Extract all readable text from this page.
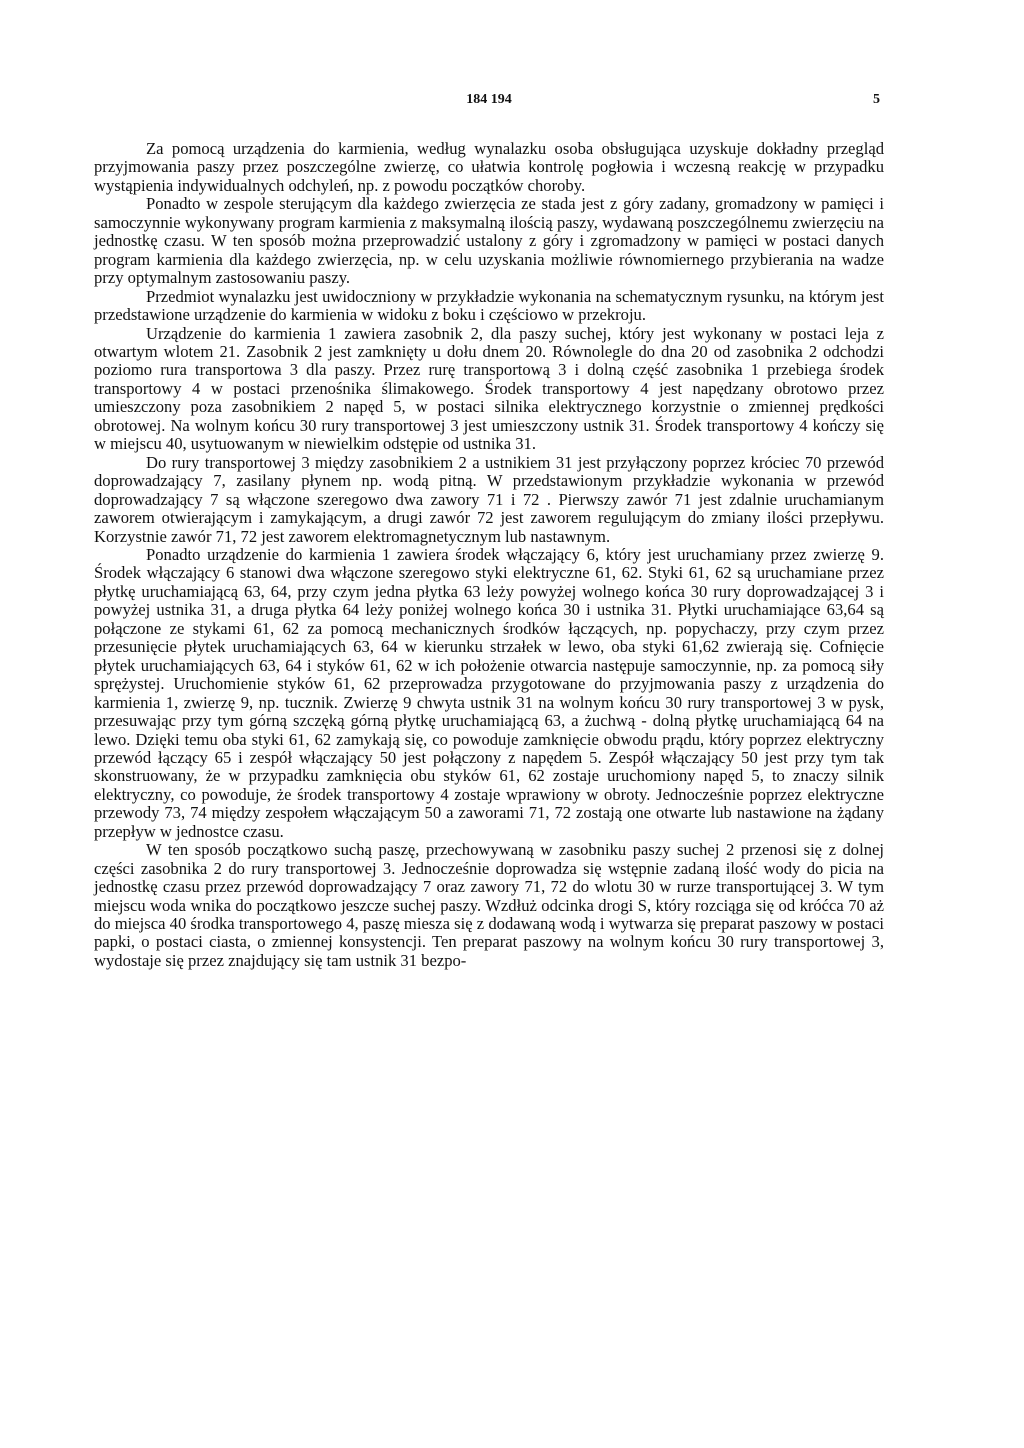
184 194	5

Za pomocą urządzenia do karmienia, według wynalazku osoba obsługująca uzyskuje dokładny przegląd przyjmowania paszy przez poszczególne zwierzę, co ułatwia kontrolę pogłowia i wczesną reakcję w przypadku wystąpienia indywidualnych odchyleń, np. z powodu początków choroby.

Ponadto w zespole sterującym dla każdego zwierzęcia ze stada jest z góry zadany, gromadzony w pamięci i samoczynnie wykonywany program karmienia z maksymalną ilością paszy, wydawaną poszczególnemu zwierzęciu na jednostkę czasu. W ten sposób można przeprowadzić ustalony z góry i zgromadzony w pamięci w postaci danych program karmienia dla każdego zwierzęcia, np. w celu uzyskania możliwie równomiernego przybierania na wadze przy optymalnym zastosowaniu paszy.

Przedmiot wynalazku jest uwidoczniony w przykładzie wykonania na schematycznym rysunku, na którym jest przedstawione urządzenie do karmienia w widoku z boku i częściowo w przekroju.

Urządzenie do karmienia 1 zawiera zasobnik 2, dla paszy suchej, który jest wykonany w postaci leja z otwartym wlotem 21. Zasobnik 2 jest zamknięty u dołu dnem 20. Równolegle do dna 20 od zasobnika 2 odchodzi poziomo rura transportowa 3 dla paszy. Przez rurę transportową 3 i dolną część zasobnika 1 przebiega środek transportowy 4 w postaci przenośnika ślimakowego. Środek transportowy 4 jest napędzany obrotowo przez umieszczony poza zasobnikiem 2 napęd 5, w postaci silnika elektrycznego korzystnie o zmiennej prędkości obrotowej. Na wolnym końcu 30 rury transportowej 3 jest umieszczony ustnik 31. Środek transportowy 4 kończy się w miejscu 40, usytuowanym w niewielkim odstępie od ustnika 31.

Do rury transportowej 3 między zasobnikiem 2 a ustnikiem 31 jest przyłączony poprzez króciec 70 przewód doprowadzający 7, zasilany płynem np. wodą pitną. W przedstawionym przykładzie wykonania w przewód doprowadzający 7 są włączone szeregowo dwa zawory 71 i 72 . Pierwszy zawór 71 jest zdalnie uruchamianym zaworem otwierającym i zamykającym, a drugi zawór 72 jest zaworem regulującym do zmiany ilości przepływu. Korzystnie zawór 71, 72 jest zaworem elektromagnetycznym lub nastawnym.

Ponadto urządzenie do karmienia 1 zawiera środek włączający 6, który jest uruchamiany przez zwierzę 9. Środek włączający 6 stanowi dwa włączone szeregowo styki elektryczne 61, 62. Styki 61, 62 są uruchamiane przez płytkę uruchamiającą 63, 64, przy czym jedna płytka 63 leży powyżej wolnego końca 30 rury doprowadzającej 3 i powyżej ustnika 31, a druga płytka 64 leży poniżej wolnego końca 30 i ustnika 31. Płytki uruchamiające 63,64 są połączone ze stykami 61, 62 za pomocą mechanicznych środków łączących, np. popychaczy, przy czym przez przesunięcie płytek uruchamiających 63, 64 w kierunku strzałek w lewo, oba styki 61,62 zwierają się. Cofnięcie płytek uruchamiających 63, 64 i styków 61, 62 w ich położenie otwarcia następuje samoczynnie, np. za pomocą siły sprężystej. Uruchomienie styków 61, 62 przeprowadza przygotowane do przyjmowania paszy z urządzenia do karmienia 1, zwierzę 9, np. tucznik. Zwierzę 9 chwyta ustnik 31 na wolnym końcu 30 rury transportowej 3 w pysk, przesuwając przy tym górną szczęką górną płytkę uruchamiającą 63, a żuchwą - dolną płytkę uruchamiającą 64 na lewo. Dzięki temu oba styki 61, 62 zamykają się, co powoduje zamknięcie obwodu prądu, który poprzez elektryczny przewód łączący 65 i zespół włączający 50 jest połączony z napędem 5. Zespół włączający 50 jest przy tym tak skonstruowany, że w przypadku zamknięcia obu styków 61, 62 zostaje uruchomiony napęd 5, to znaczy silnik elektryczny, co powoduje, że środek transportowy 4 zostaje wprawiony w obroty. Jednocześnie poprzez elektryczne przewody 73, 74 między zespołem włączającym 50 a zaworami 71, 72 zostają one otwarte lub nastawione na żądany przepływ w jednostce czasu.

W ten sposób początkowo suchą paszę, przechowywaną w zasobniku paszy suchej 2 przenosi się z dolnej części zasobnika 2 do rury transportowej 3. Jednocześnie doprowadza się wstępnie zadaną ilość wody do picia na jednostkę czasu przez przewód doprowadzający 7 oraz zawory 71, 72 do wlotu 30 w rurze transportującej 3. W tym miejscu woda wnika do początkowo jeszcze suchej paszy. Wzdłuż odcinka drogi S, który rozciąga się od króćca 70 aż do miejsca 40 środka transportowego 4, paszę miesza się z dodawaną wodą i wytwarza się preparat paszowy w postaci papki, o postaci ciasta, o zmiennej konsystencji. Ten preparat paszowy na wolnym końcu 30 rury transportowej 3, wydostaje się przez znajdujący się tam ustnik 31 bezpo-
